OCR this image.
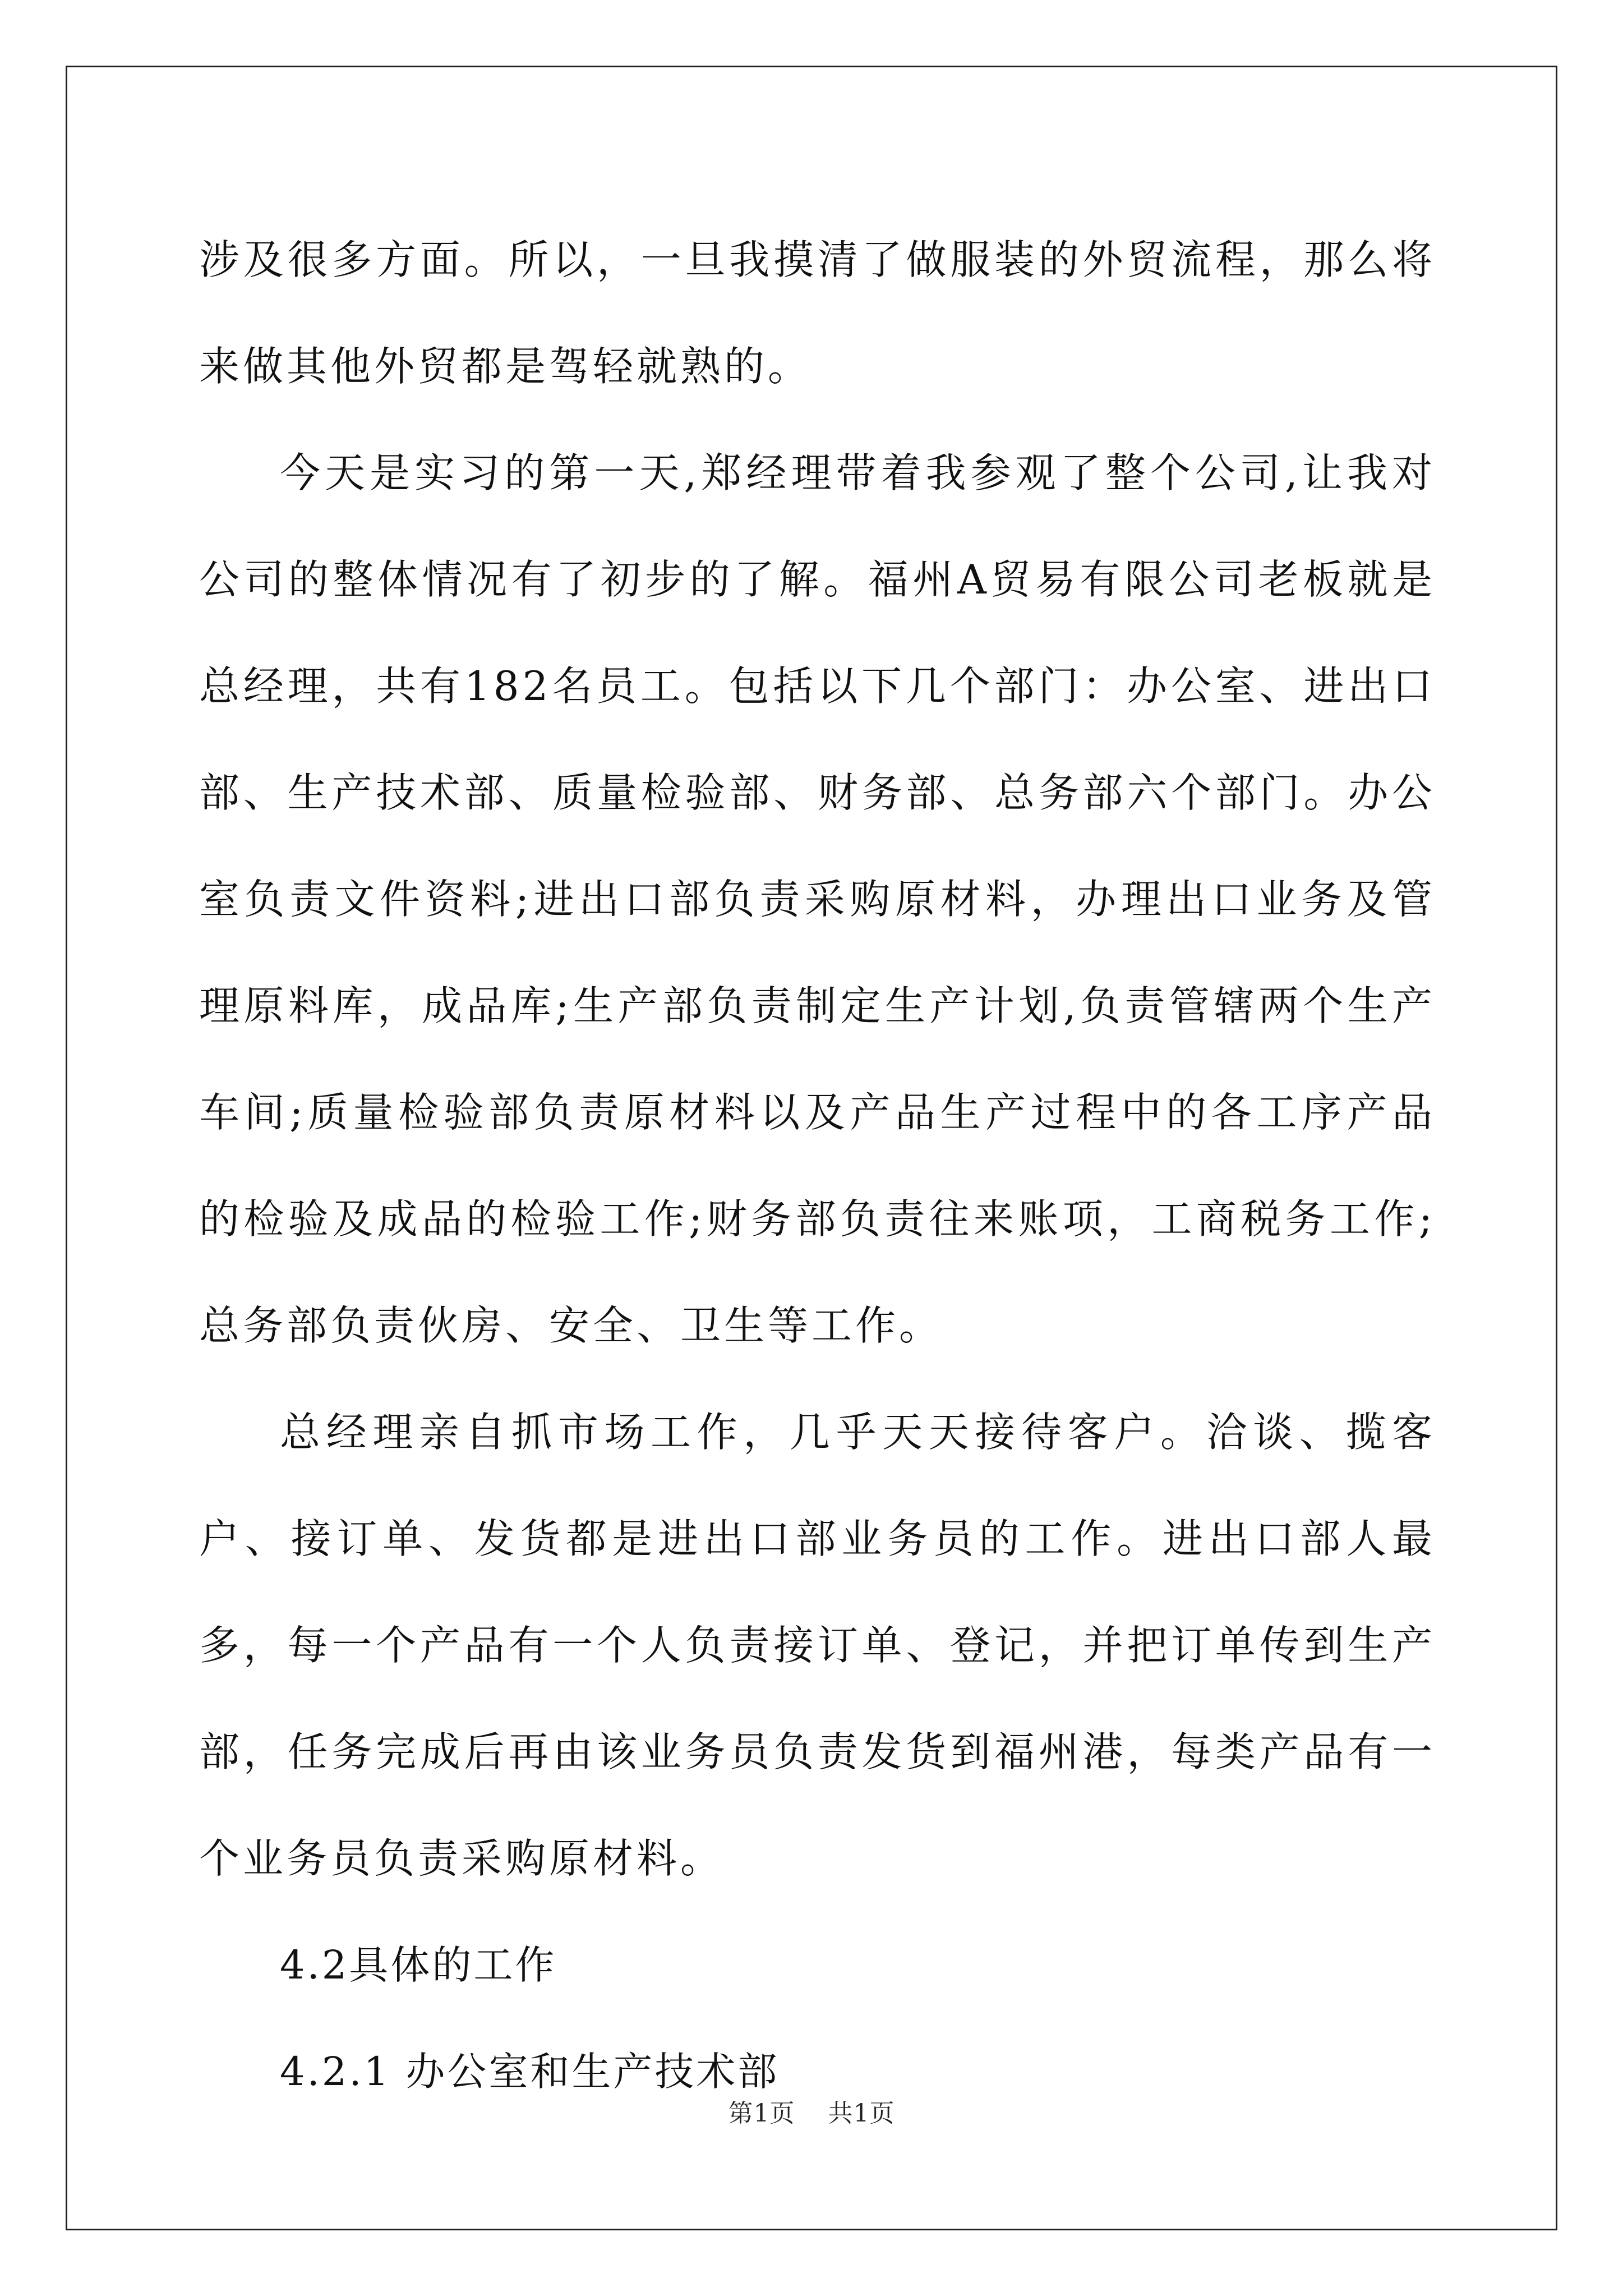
涉及很多方面。所以，一旦我摸清了做服装的外贸流程，那么将来做其他外贸都是驾轻就熟的。

今天是实习的第一天,郑经理带着我参观了整个公司,让我对公司的整体情况有了初步的了解。福州A贸易有限公司老板就是总经理，共有182名员工。包括以下几个部门：办公室、进出口部、生产技术部、质量检验部、财务部、总务部六个部门。办公室负责文件资料;进出口部负责采购原材料，办理出口业务及管理原料库，成品库;生产部负责制定生产计划,负责管辖两个生产车间;质量检验部负责原材料以及产品生产过程中的各工序产品的检验及成品的检验工作;财务部负责往来账项，工商税务工作;总务部负责伙房、安全、卫生等工作。

总经理亲自抓市场工作，几乎天天接待客户。洽谈、揽客户、接订单、发货都是进出口部业务员的工作。进出口部人最多，每一个产品有一个人负责接订单、登记，并把订单传到生产部，任务完成后再由该业务员负责发货到福州港，每类产品有一个业务员负责采购原材料。

4.2具体的工作

4.2.1 办公室和生产技术部

第1页 共1页
